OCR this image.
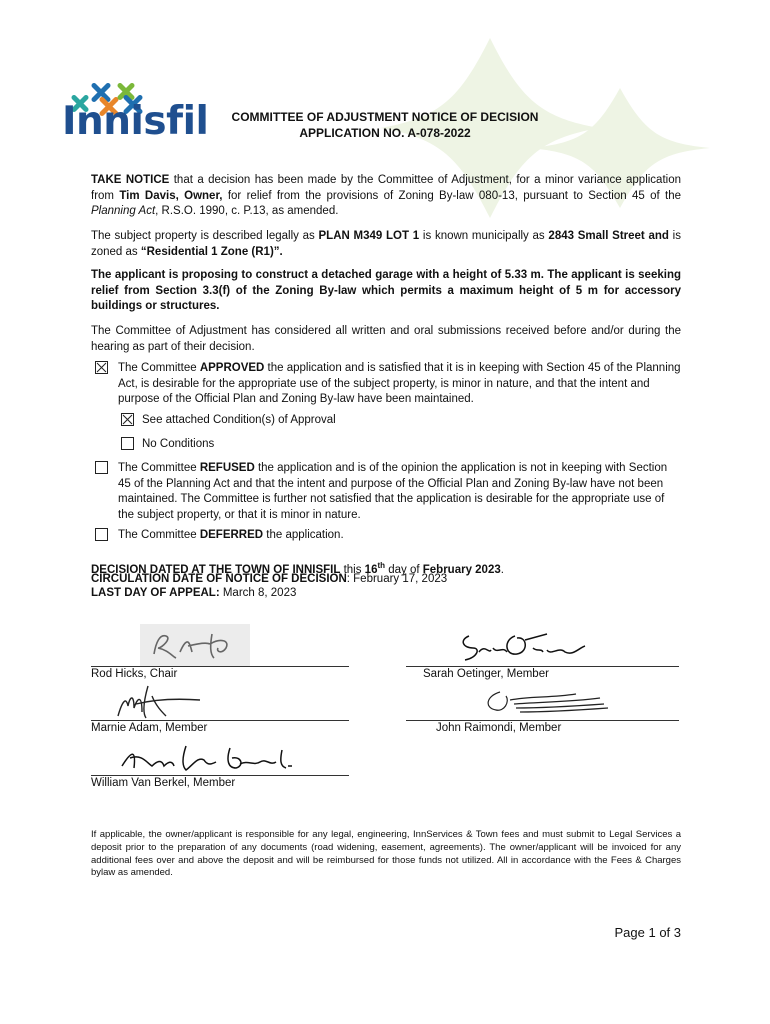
Innisfil	COMMITTEE OF ADJUSTMENT NOTICE OF DECISION
APPLICATION NO. A-078-2022
TAKE NOTICE that a decision has been made by the Committee of Adjustment, for a minor variance application from Tim Davis, Owner, for relief from the provisions of Zoning By-law 080-13, pursuant to Section 45 of the Planning Act, R.S.O. 1990, c. P.13, as amended.
The subject property is described legally as PLAN M349 LOT 1 is known municipally as 2843 Small Street and is zoned as “Residential 1 Zone (R1)”.
The applicant is proposing to construct a detached garage with a height of 5.33 m. The applicant is seeking relief from Section 3.3(f) of the Zoning By-law which permits a maximum height of 5 m for accessory buildings or structures.
The Committee of Adjustment has considered all written and oral submissions received before and/or during the hearing as part of their decision.
The Committee APPROVED the application and is satisfied that it is in keeping with Section 45 of the Planning Act, is desirable for the appropriate use of the subject property, is minor in nature, and that the intent and purpose of the Official Plan and Zoning By-law have been maintained.
See attached Condition(s) of Approval
No Conditions
The Committee REFUSED the application and is of the opinion the application is not in keeping with Section 45 of the Planning Act and that the intent and purpose of the Official Plan and Zoning By-law have not been maintained. The Committee is further not satisfied that the application is desirable for the appropriate use of the subject property, or that it is minor in nature.
The Committee DEFERRED the application.
DECISION DATED AT THE TOWN OF INNISFIL this 16th day of February 2023.
CIRCULATION DATE OF NOTICE OF DECISION: February 17, 2023
LAST DAY OF APPEAL: March 8, 2023
Rod Hicks, Chair	Sarah Oetinger, Member
Marnie Adam, Member	John Raimondi, Member
William Van Berkel, Member
If applicable, the owner/applicant is responsible for any legal, engineering, InnServices & Town fees and must submit to Legal Services a deposit prior to the preparation of any documents (road widening, easement, agreements). The owner/applicant will be invoiced for any additional fees over and above the deposit and will be reimbursed for those funds not utilized. All in accordance with the Fees & Charges bylaw as amended.
Page 1 of 3
